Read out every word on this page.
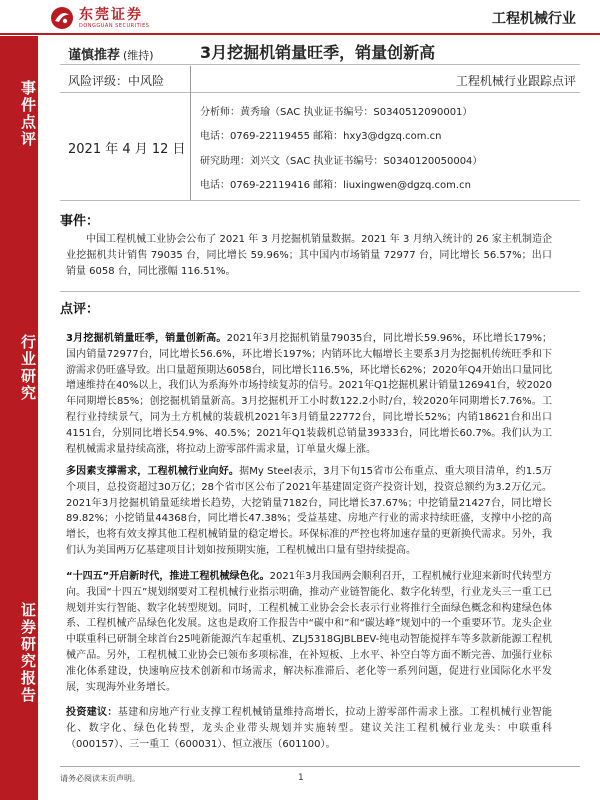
东莞证券
DONGGUAN SECURITIES	工程机械行业
事件点评
行业研究
证券研究报告
谨慎推荐 (维持)	3月挖掘机销量旺季，销量创新高
风险评级：中风险	工程机械行业跟踪点评
2021 年 4 月 12 日
分析师：黄秀瑜（SAC 执业证书编号：S0340512090001）
电话：0769-22119455 邮箱：hxy3@dgzq.com.cn
研究助理：刘兴文（SAC 执业证书编号：S0340120050004）
电话：0769-22119416 邮箱：liuxingwen@dgzq.com.cn
事件：
中国工程机械工业协会公布了 2021 年 3 月挖掘机销量数据。2021 年 3 月纳入统计的 26 家主机制造企业挖掘机共计销售 79035 台，同比增长 59.96%；其中国内市场销量 72977 台，同比增长 56.57%；出口销量 6058 台，同比涨幅 116.51%。
点评：
3月挖掘机销量旺季，销量创新高。2021年3月挖掘机销量79035台，同比增长59.96%，环比增长179%；国内销量72977台，同比增长56.6%，环比增长197%；内销环比大幅增长主要系3月为挖掘机传统旺季和下游需求仍旺盛导致。出口量超预期达6058台，同比增长116.5%，环比增长62%；2020年Q4开始出口量同比增速维持在40%以上，我们认为系海外市场持续复苏的信号。2021年Q1挖掘机累计销量126941台，较2020年同期增长85%；创挖掘机销量新高。3月挖掘机开工小时数122.2小时/台，较2020年同期增长7.76%。工程行业持续景气，同为土方机械的装载机2021年3月销量22772台，同比增长52%；内销18621台和出口4151台，分别同比增长54.9%、40.5%；2021年Q1装载机总销量39333台，同比增长60.7%。我们认为工程机械需求量持续高涨，将拉动上游零部件需求量，订单量火爆上涨。
多因素支撑需求，工程机械行业向好。据My Steel表示，3月下旬15省市公布重点、重大项目清单，约1.5万个项目，总投资超过30万亿；28个省市区公布了2021年基建固定资产投资计划，投资总额约为3.2万亿元。2021年3月挖掘机销量延续增长趋势，大挖销量7182台，同比增长37.67%；中挖销量21427台，同比增长89.82%；小挖销量44368台，同比增长47.38%；受益基建、房地产行业的需求持续旺盛，支撑中小挖的高增长，也将有效支撑其他工程机械销量的稳定增长。环保标准的严控也将加速存量的更新换代需求。另外，我们认为美国两万亿基建项目计划如按预期实施，工程机械出口量有望持续提高。
“十四五”开启新时代，推进工程机械绿色化。2021年3月我国两会顺利召开，工程机械行业迎来新时代转型方向。我国“十四五”规划纲要对工程机械行业指示明确，推动产业链智能化、数字化转型，行业龙头三一重工已规划并实行智能、数字化转型规划。同时，工程机械工业协会会长表示行业将推行全面绿色概念和构建绿色体系、工程机械产品绿色化发展。这也是政府工作报告中“碳中和”和“碳达峰”规划中的一个重要环节。龙头企业中联重科已研制全球首台25吨新能源汽车起重机、ZLJ5318GJBLBEV-纯电动智能搅拌车等多款新能源工程机械产品。另外，工程机械工业协会已领布多项标准，在补短板、上水平、补空白等方面不断完善、加强行业标准化体系建设，快速响应技术创新和市场需求，解决标准滞后、老化等一系列问题，促进行业国际化水平发展，实现海外业务增长。
投资建议：基建和房地产行业支撑工程机械销量维持高增长，拉动上游零部件需求上涨。工程机械行业智能化、数字化、绿色化转型，龙头企业带头规划并实施转型。建议关注工程机械行业龙头：中联重科（000157）、三一重工（600031）、恒立液压（601100）。
请务必阅读末页声明。	1
